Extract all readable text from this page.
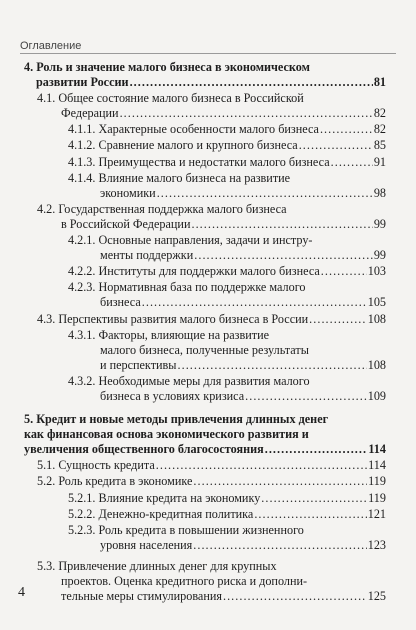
Оглавление
4. Роль и значение малого бизнеса в экономическом
развитии России . . .	81
4.1. Общее состояние малого бизнеса в Российской
Федерации . . .	82
4.1.1. Характерные особенности малого бизнеса . . .	82
4.1.2. Сравнение малого и крупного бизнеса . . .	85
4.1.3. Преимущества и недостатки малого бизнеса . . .	91
4.1.4. Влияние малого бизнеса на развитие
экономики . . .	98
4.2. Государственная поддержка малого бизнеса
в Российской Федерации . . .	99
4.2.1. Основные направления, задачи и инстру-
менты поддержки . . .	99
4.2.2. Институты для поддержки малого бизнеса . . .	103
4.2.3. Нормативная база по поддержке малого
бизнеса . . .	105
4.3. Перспективы развития малого бизнеса в России . . .	108
4.3.1. Факторы, влияющие на развитие
малого бизнеса, полученные результаты
и перспективы . . .	108
4.3.2. Необходимые меры для развития малого
бизнеса в условиях кризиса . . .	109
5. Кредит и новые методы привлечения длинных денег
как финансовая основа экономического развития и
увеличения общественного благосостояния . . .	114
5.1. Сущность кредита . . .	114
5.2. Роль кредита в экономике . . .	119
5.2.1. Влияние кредита на экономику . . .	119
5.2.2. Денежно-кредитная политика . . .	121
5.2.3. Роль кредита в повышении жизненного
уровня населения . . .	123
5.3. Привлечение длинных денег для крупных
проектов. Оценка кредитного риска и дополни-
тельные меры стимулирования . . .	125
4
